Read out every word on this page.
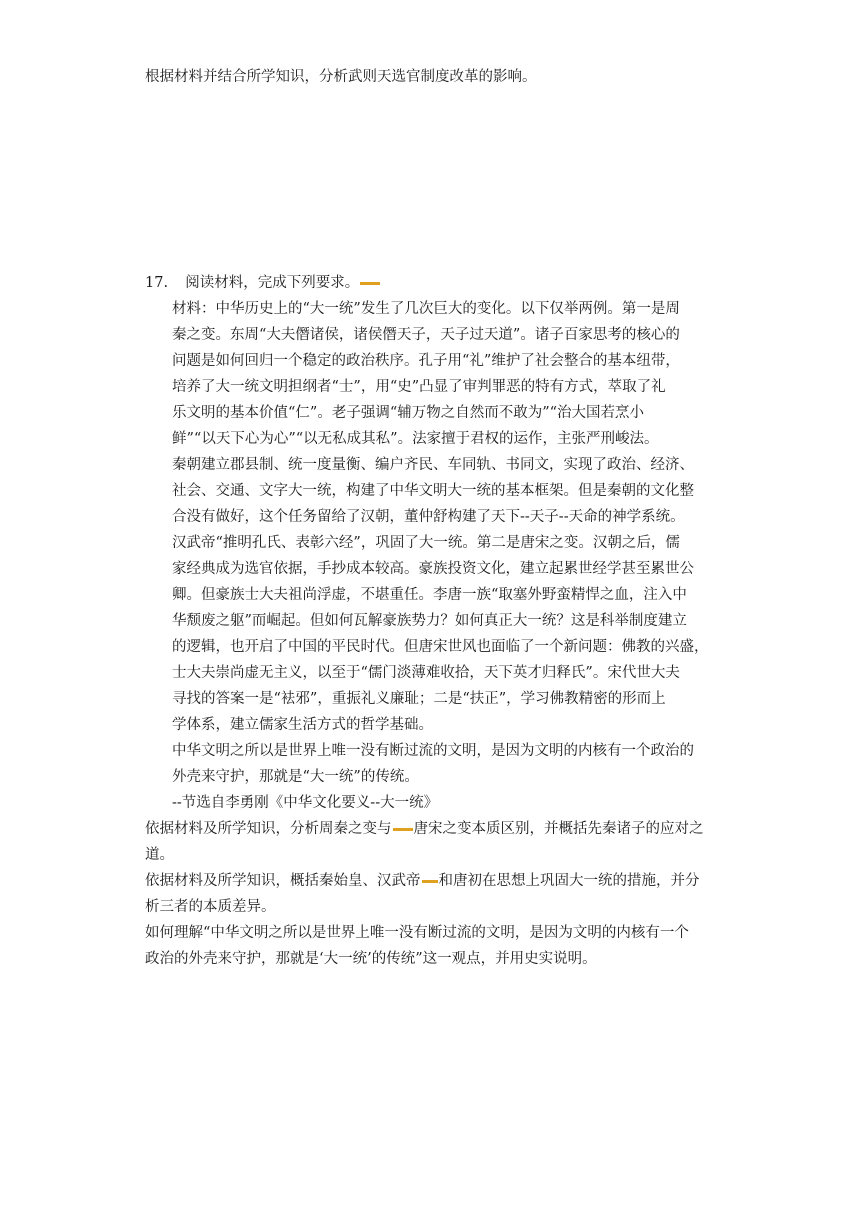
根据材料并结合所学知识，分析武则天选官制度改革的影响。
17. 阅读材料，完成下列要求。
材料：中华历史上的“大一统”发生了几次巨大的变化。以下仅举两例。第一是周
秦之变。东周“大夫僭诸侯，诸侯僭天子，天子过天道”。诸子百家思考的核心的
问题是如何回归一个稳定的政治秩序。孔子用“礼”维护了社会整合的基本纽带，
培养了大一统文明担纲者“士”，用“史”凸显了审判罪恶的特有方式，萃取了礼
乐文明的基本价值“仁”。老子强调“辅万物之自然而不敢为”“治大国若烹小
鲜”“以天下心为心”“以无私成其私”。法家擅于君权的运作，主张严刑峻法。
秦朝建立郡县制、统一度量衡、编户齐民、车同轨、书同文，实现了政治、经济、
社会、交通、文字大一统，构建了中华文明大一统的基本框架。但是秦朝的文化整
合没有做好，这个任务留给了汉朝，董仲舒构建了天下--天子--天命的神学系统。
汉武帝“推明孔氏、表彰六经”，巩固了大一统。第二是唐宋之变。汉朝之后，儒
家经典成为选官依据，手抄成本较高。豪族投资文化，建立起累世经学甚至累世公
卿。但豪族士大夫祖尚浮虚，不堪重任。李唐一族“取塞外野蛮精悍之血，注入中
华颓废之躯”而崛起。但如何瓦解豪族势力？如何真正大一统？这是科举制度建立
的逻辑，也开启了中国的平民时代。但唐宋世风也面临了一个新问题：佛教的兴盛，
士大夫崇尚虚无主义，以至于“儒门淡薄难收拾，天下英才归释氏”。宋代世大夫
寻找的答案一是“袪邪”，重振礼义廉耻；二是“扶正”，学习佛教精密的形而上
学体系，建立儒家生活方式的哲学基础。
中华文明之所以是世界上唯一没有断过流的文明，是因为文明的内核有一个政治的
外壳来守护，那就是“大一统”的传统。
--节选自李勇刚《中华文化要义--大一统》
依据材料及所学知识，分析周秦之变与 唐宋之变本质区别，并概括先秦诸子的应对之
道。
依据材料及所学知识，概括秦始皇、汉武帝 和唐初在思想上巩固大一统的措施，并分
析三者的本质差异。
如何理解“中华文明之所以是世界上唯一没有断过流的文明，是因为文明的内核有一个
政治的外壳来守护，那就是‘大一统’的传统”这一观点，并用史实说明。
